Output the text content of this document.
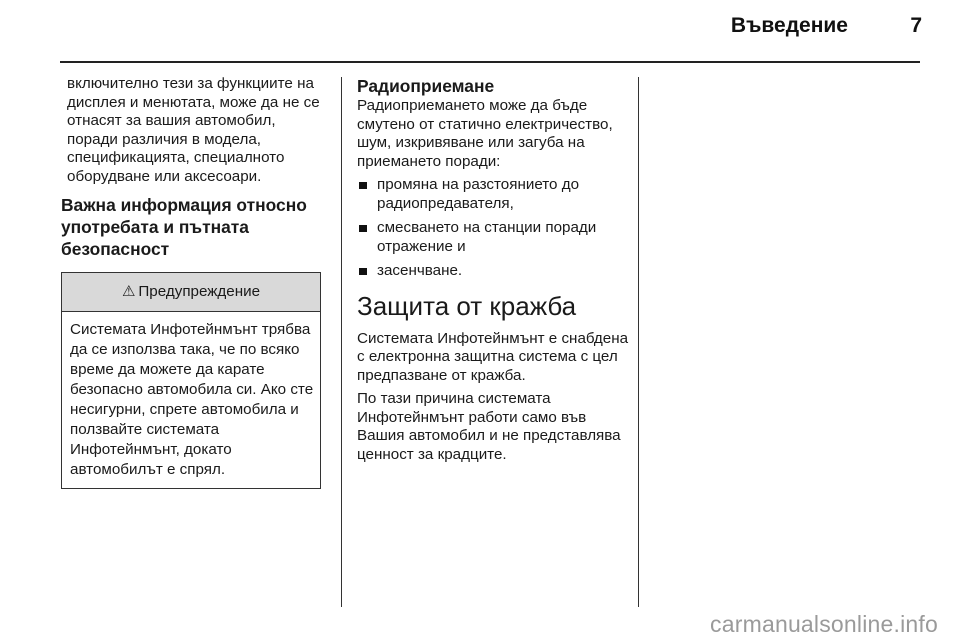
Въведение	7

включително тези за функциите на дисплея и менютата, може да не се отнасят за вашия автомобил, поради различия в модела, спецификацията, специалното оборудване или аксесоари.

Важна информация относно употребата и пътната безопасност
⚠ Предупреждение
Системата Инфотейнмънт трябва да се използва така, че по всяко време да можете да карате безопасно автомобила си. Ако сте несигурни, спрете автомобила и ползвайте системата Инфотейнмънт, докато автомобилът е спрял.
Радиоприемане

Радиоприемането може да бъде смутено от статично електричество, шум, изкривяване или загуба на приемането поради:

промяна на разстоянието до радиопредавателя,
смесването на станции поради отражение и
засенчване.
Защита от кражба

Системата Инфотейнмънт е снабдена с електронна защитна система с цел предпазване от кражба.

По тази причина системата Инфотейнмънт работи само във Вашия автомобил и не представлява ценност за крадците.

carmanualsonline.info
